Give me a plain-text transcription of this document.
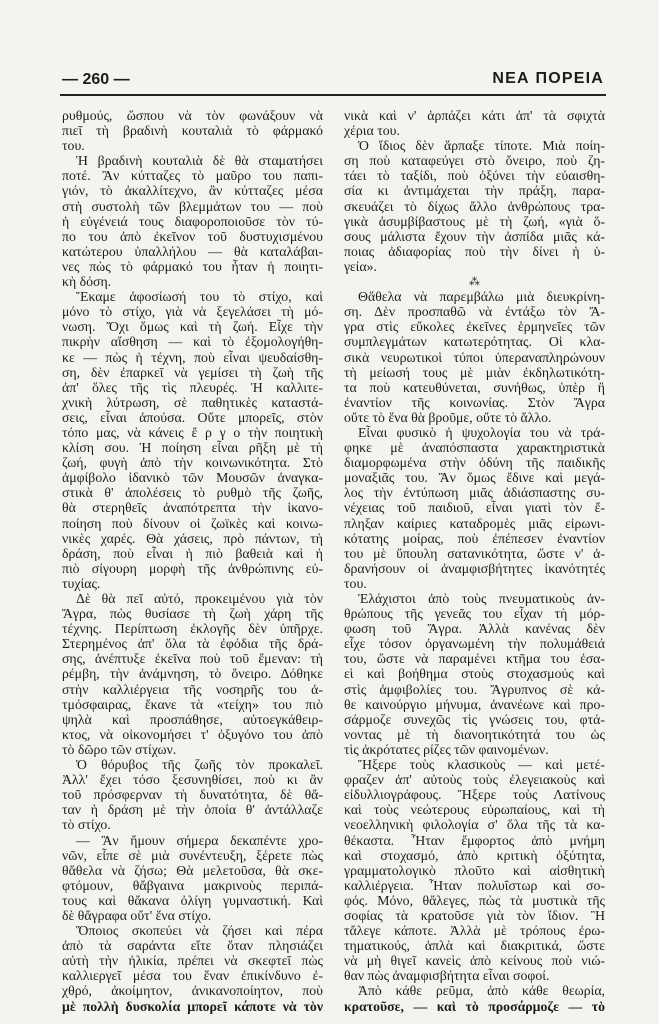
— 260 —	ΝΕΑ ΠΟΡΕΙΑ
ρυθμούς, ὥσπου νὰ τὸν φωνάξουν νὰ
πιεῖ τὴ βραδινὴ κουταλιὰ τὸ φάρμακό
του.
Ἡ βραδινὴ κουταλιὰ δὲ θὰ σταματήσει
ποτέ. Ἂν κύτταζες τὸ μαῦρο του παπι-
γιόν, τὸ ἀκαλλίτεχνο, ἂν κύτταζες μέσα
στὴ συστολὴ τῶν βλεμμάτων του — ποὺ
ἡ εὐγένειά τους διαφοροποιοῦσε τὸν τύ-
πο του ἀπὸ ἐκεῖνον τοῦ δυστυχισμένου
κατώτερου ὑπαλλήλου — θὰ καταλάβαι-
νες πὼς τὸ φάρμακό του ἦταν ἡ ποιητι-
κὴ δόση.
Ἔκαμε ἀφοσίωσή του τὸ στίχο, καὶ
μόνο τὸ στίχο, γιὰ νὰ ξεγελάσει τὴ μό-
νωση. Ὄχι ὅμως καὶ τὴ ζωή. Εἶχε τὴν
πικρὴν αἴσθηση — καὶ τὸ ἐξομολογήθη-
κε — πὼς ἡ τέχνη, ποὺ εἶναι ψευδαίσθη-
ση, δὲν ἐπαρκεῖ νὰ γεμίσει τὴ ζωὴ τῆς
ἀπ' ὅλες τῆς τὶς πλευρές. Ἡ καλλιτε-
χνικὴ λύτρωση, σὲ παθητικὲς καταστά-
σεις, εἶναι ἀπούσα. Οὔτε μπορεῖς, στὸν
τόπο μας, νὰ κάνεις ἔ ρ γ ο τὴν ποιητικὴ
κλίση σου. Ἡ ποίηση εἶναι ρῆξη μὲ τὴ
ζωή, φυγὴ ἀπὸ τὴν κοινωνικότητα. Στὸ
ἀμφίβολο ἰδανικὸ τῶν Μουσῶν ἀναγκα-
στικὰ θ' ἀπολέσεις τὸ ρυθμὸ τῆς ζωῆς,
θὰ στερηθεῖς ἀναπότρεπτα τὴν ἱκανο-
ποίηση ποὺ δίνουν οἱ ζωϊκὲς καὶ κοινω-
νικὲς χαρές. Θὰ χάσεις, πρὸ πάντων, τὴ
δράση, ποὺ εἶναι ἡ πιὸ βαθειὰ καὶ ἡ
πιὸ σίγουρη μορφὴ τῆς ἀνθρώπινης εὐ-
τυχίας.
Δὲ θὰ πεῖ αὐτό, προκειμένου γιὰ τὸν
Ἄγρα, πὼς θυσίασε τὴ ζωὴ χάρη τῆς
τέχνης. Περίπτωση ἐκλογῆς δὲν ὑπῆρχε.
Στερημένος ἀπ' ὅλα τὰ ἐφόδια τῆς δρά-
σης, ἀνέπτυξε ἐκεῖνα ποὺ τοῦ ἔμεναν: τὴ
ρέμβη, τὴν ἀνάμνηση, τὸ ὄνειρο. Δόθηκε
στὴν καλλιέργεια τῆς νοσηρῆς του ἀ-
τμόσφαιρας, ἔκανε τὰ «τείχη» του πιὸ
ψηλὰ καὶ προσπάθησε, αὐτοεγκάθειρ-
κτος, νὰ οἰκονομήσει τ' ὀξυγόνο του ἀπὸ
τὸ δῶρο τῶν στίχων.
Ὁ θόρυβος τῆς ζωῆς τὸν προκαλεῖ.
Ἀλλ' ἔχει τόσο ξεσυνηθίσει, ποὺ κι ἂν
τοῦ πρόσφερναν τὴ δυνατότητα, δὲ θἄ-
ταν ἡ δράση μὲ τὴν ὁποία θ' ἀντάλλαζε
τὸ στίχο.
— Ἂν ἤμουν σήμερα δεκαπέντε χρο-
νῶν, εἶπε σὲ μιὰ συνέντευξη, ξέρετε πὼς
θἄθελα νὰ ζήσω; Θὰ μελετοῦσα, θὰ σκε-
φτόμουν, θἄβγαινα μακρινοὺς περιπά-
τους καὶ θἄκανα ὀλίγη γυμναστική. Καὶ
δὲ θἄγραφα οὔτ' ἕνα στίχο.
Ὅποιος σκοπεύει νὰ ζήσει καὶ πέρα
ἀπὸ τὰ σαράντα εἴτε ὅταν πλησιάζει
αὐτὴ τὴν ἡλικία, πρέπει νὰ σκεφτεῖ πὼς
καλλιεργεῖ μέσα του ἕναν ἐπικίνδυνο ἐ-
χθρό, ἀκοίμητον, ἀνικανοποίητον, ποὺ
μὲ πολλὴ δυσκολία μπορεῖ κάποτε νὰ τὸν
νικὰ καὶ ν' ἁρπάζει κάτι ἀπ' τὰ σφιχτὰ
χέρια του.
Ὁ ἴδιος δὲν ἅρπαξε τίποτε. Μιὰ ποίη-
ση ποὺ καταφεύγει στὸ ὄνειρο, ποὺ ζη-
τάει τὸ ταξίδι, ποὺ ὀξύνει τὴν εὐαισθη-
σία κι ἀντιμάχεται τὴν πράξη, παρα-
σκευάζει τὸ δίχως ἄλλο ἀνθρώπους τρα-
γικὰ ἀσυμβίβαστους μὲ τὴ ζωή, «γιὰ ὅ-
σους μάλιστα ἔχουν τὴν ἀσπίδα μιᾶς κά-
ποιας ἀδιαφορίας ποὺ τὴν δίνει ἡ ὑ-
γεία».
⁂
Θἄθελα νὰ παρεμβάλω μιὰ διευκρίνη-
ση. Δὲν προσπαθῶ νὰ ἐντάξω τὸν Ἄ-
γρα στὶς εὔκολες ἐκεῖνες ἑρμηνεῖες τῶν
συμπλεγμάτων κατωτερότητας. Οἱ κλα-
σικὰ νευρωτικοὶ τύποι ὑπεραναπληρώνουν
τὴ μείωσή τους μὲ μιὰν ἐκδηλωτικότη-
τα ποὺ κατευθύνεται, συνήθως, ὑπὲρ ἢ
ἐναντίον τῆς κοινωνίας. Στὸν Ἄγρα
οὔτε τὸ ἕνα θὰ βροῦμε, οὔτε τὸ ἄλλο.
Εἶναι φυσικὸ ἡ ψυχολογία του νὰ τρά-
φηκε μὲ ἀναπόσπαστα χαρακτηριστικὰ
διαμορφωμένα στὴν ὀδύνη τῆς παιδικῆς
μοναξιᾶς του. Ἂν ὅμως ἔδινε καὶ μεγά-
λος τὴν ἐντύπωση μιᾶς ἀδιάσπαστης συ-
νέχειας τοῦ παιδιοῦ, εἶναι γιατὶ τὸν ἔ-
πληξαν καίριες καταδρομὲς μιᾶς εἰρωνι-
κότατης μοίρας, ποὺ ἐπέπεσεν ἐναντίον
του μὲ ὕπουλη σατανικότητα, ὥστε ν' ἀ-
δρανήσουν οἱ ἀναμφισβήτητες ἱκανότητές
του.
Ἐλάχιστοι ἀπὸ τοὺς πνευματικοὺς ἀν-
θρώπους τῆς γενεᾶς του εἶχαν τὴ μόρ-
φωση τοῦ Ἄγρα. Ἀλλὰ κανένας δὲν
εἶχε τόσον ὀργανωμένη τὴν πολυμάθειά
του, ὥστε νὰ παραμένει κτῆμα του ἐσα-
εὶ καὶ βοήθημα στοὺς στοχασμούς καὶ
στὶς ἀμφιβολίες του. Ἄγρυπνος σὲ κά-
θε καινούργιο μήνυμα, ἀνανέωνε καὶ προ-
σάρμοζε συνεχῶς τὶς γνώσεις του, φτά-
νοντας μὲ τὴ διανοητικότητά του ὡς
τὶς ἀκρότατες ρίζες τῶν φαινομένων.
Ἤξερε τοὺς κλασικοὺς — καὶ μετέ-
φραζεν ἀπ' αὐτοὺς τοὺς ἐλεγειακοὺς καὶ
εἰδυλλιογράφους. Ἤξερε τοὺς Λατίνους
καὶ τοὺς νεώτερους εὐρωπαίους, καὶ τὴ
νεοελληνικὴ φιλολογία σ' ὅλα τῆς τὰ κα-
θέκαστα. Ἦταν ἔμφορτος ἀπὸ μνήμη
καὶ στοχασμό, ἀπὸ κριτικὴ ὀξύτητα,
γραμματολογικὸ πλοῦτο καὶ αἰσθητικὴ
καλλιέργεια. Ἦταν πολυΐστωρ καὶ σο-
φός. Μόνο, θἄλεγες, πὼς τὰ μυστικὰ τῆς
σοφίας τὰ κρατοῦσε γιὰ τὸν ἴδιον. Ἢ
τἄλεγε κάποτε. Ἀλλὰ μὲ τρόπους ἐρω-
τηματικούς, ἁπλὰ καὶ διακριτικά, ὥστε
νὰ μὴ θιγεῖ κανεὶς ἀπὸ κείνους ποὺ νιώ-
θαν πὼς ἀναμφισβήτητα εἶναι σοφοί.
Ἀπὸ κάθε ρεῦμα, ἀπὸ κάθε θεωρία,
κρατοῦσε, — καὶ τὸ προσάρμοζε — τὸ
